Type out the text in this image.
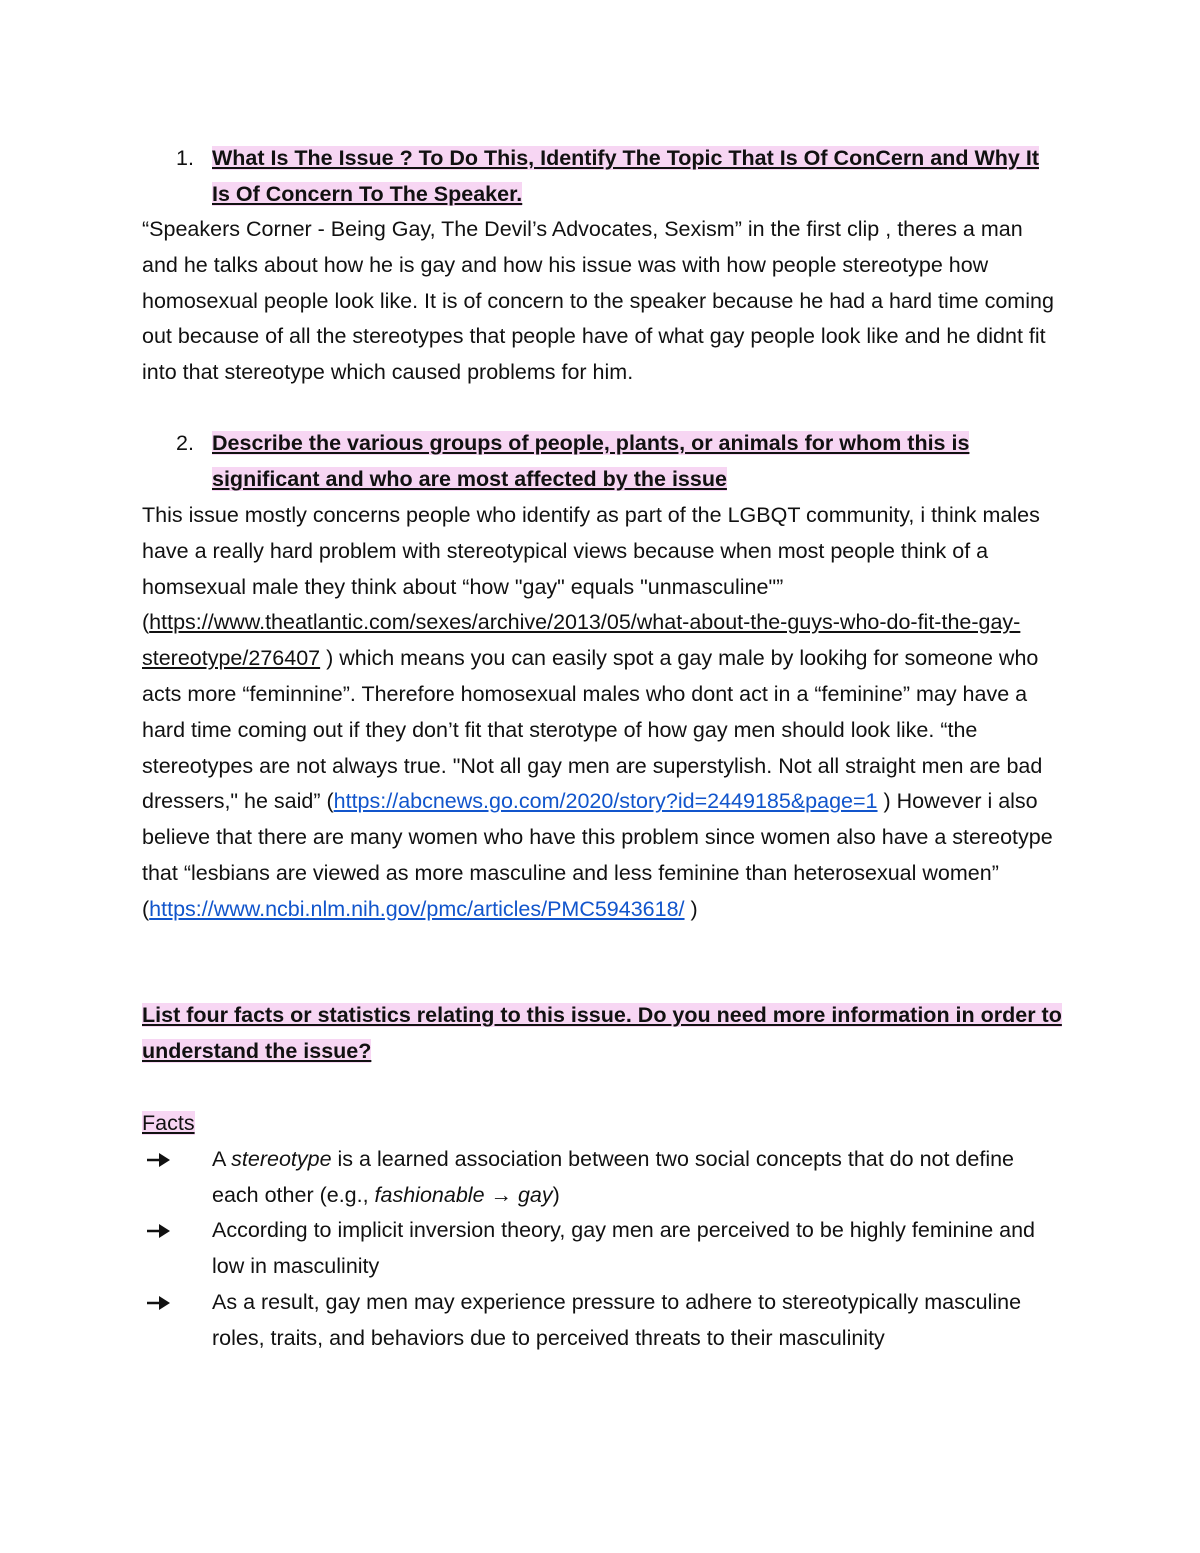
1. What Is The Issue ? To Do This, Identify The Topic That Is Of ConCern and Why It Is Of Concern To The Speaker.

“Speakers Corner - Being Gay, The Devil’s Advocates, Sexism” in the first clip , theres a man and he talks about how he is gay and how his issue was with how people stereotype how homosexual people look like. It is of concern to the speaker because he had a hard time coming out because of all the stereotypes that people have of what gay people look like and he didnt fit into that stereotype which caused problems for him.

2. Describe the various groups of people, plants, or animals for whom this is significant and who are most affected by the issue

This issue mostly concerns people who identify as part of the LGBQT community, i think males have a really hard problem with stereotypical views because when most people think of a homsexual male they think about “how "gay" equals "unmasculine"” (https://www.theatlantic.com/sexes/archive/2013/05/what-about-the-guys-who-do-fit-the-gay-stereotype/276407 ) which means you can easily spot a gay male by lookihg for someone who acts more “feminnine”. Therefore homosexual males who dont act in a “feminine” may have a hard time coming out if they don’t fit that sterotype of how gay men should look like. “the stereotypes are not always true. "Not all gay men are superstylish. Not all straight men are bad dressers," he said” (https://abcnews.go.com/2020/story?id=2449185&page=1 ) However i also believe that there are many women who have this problem since women also have a stereotype that “lesbians are viewed as more masculine and less feminine than heterosexual women” (https://www.ncbi.nlm.nih.gov/pmc/articles/PMC5943618/ )

List four facts or statistics relating to this issue. Do you need more information in order to understand the issue?

Facts

A stereotype is a learned association between two social concepts that do not define each other (e.g., fashionable → gay)
According to implicit inversion theory, gay men are perceived to be highly feminine and low in masculinity
As a result, gay men may experience pressure to adhere to stereotypically masculine roles, traits, and behaviors due to perceived threats to their masculinity
